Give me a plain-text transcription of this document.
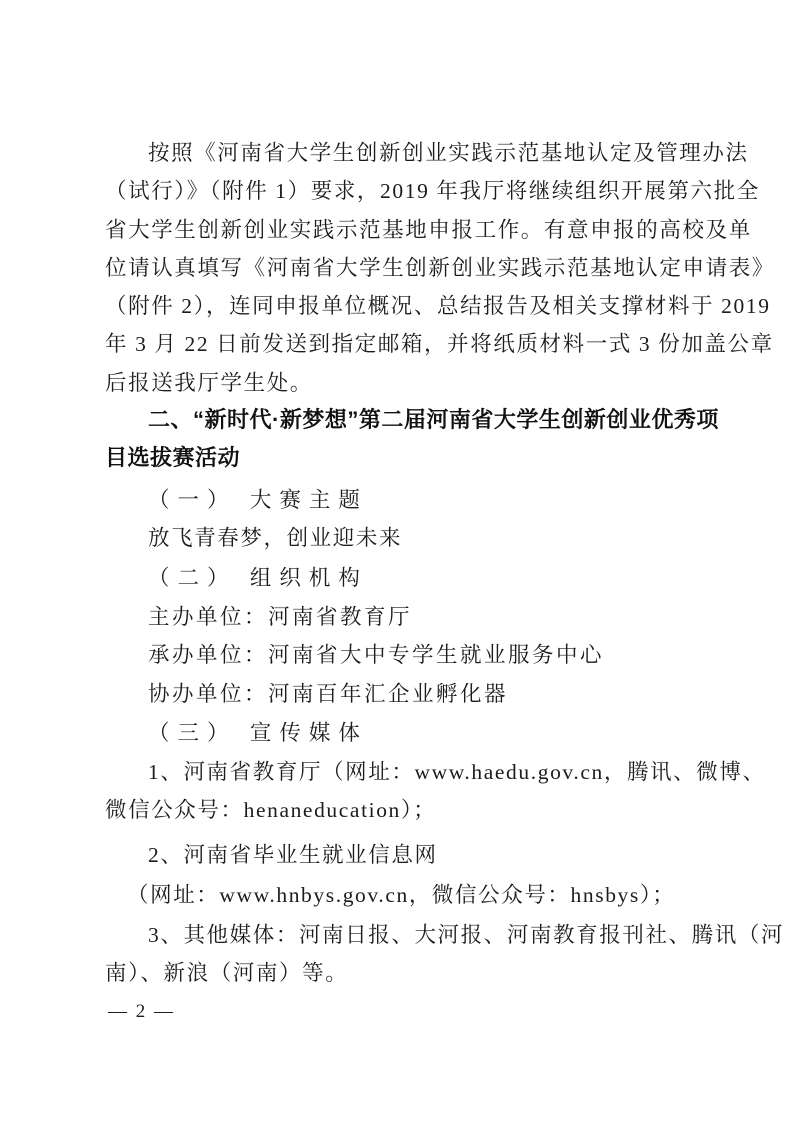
按照《河南省大学生创新创业实践示范基地认定及管理办法
（试行）》（附件 1）要求，2019 年我厅将继续组织开展第六批全
省大学生创新创业实践示范基地申报工作。有意申报的高校及单
位请认真填写《河南省大学生创新创业实践示范基地认定申请表》
（附件 2），连同申报单位概况、总结报告及相关支撑材料于 2019
年 3 月 22 日前发送到指定邮箱，并将纸质材料一式 3 份加盖公章
后报送我厅学生处。
二、“新时代·新梦想”第二届河南省大学生创新创业优秀项
目选拔赛活动
（一） 大赛主题
放飞青春梦，创业迎未来
（二） 组织机构
主办单位：河南省教育厅
承办单位：河南省大中专学生就业服务中心
协办单位：河南百年汇企业孵化器
（三） 宣传媒体
1、河南省教育厅（网址：www.haedu.gov.cn，腾讯、微博、
微信公众号：henaneducation）；
2、河南省毕业生就业信息网
（网址：www.hnbys.gov.cn，微信公众号：hnsbys）；
3、其他媒体：河南日报、大河报、河南教育报刊社、腾讯（河
南）、新浪（河南）等。
— 2 —
